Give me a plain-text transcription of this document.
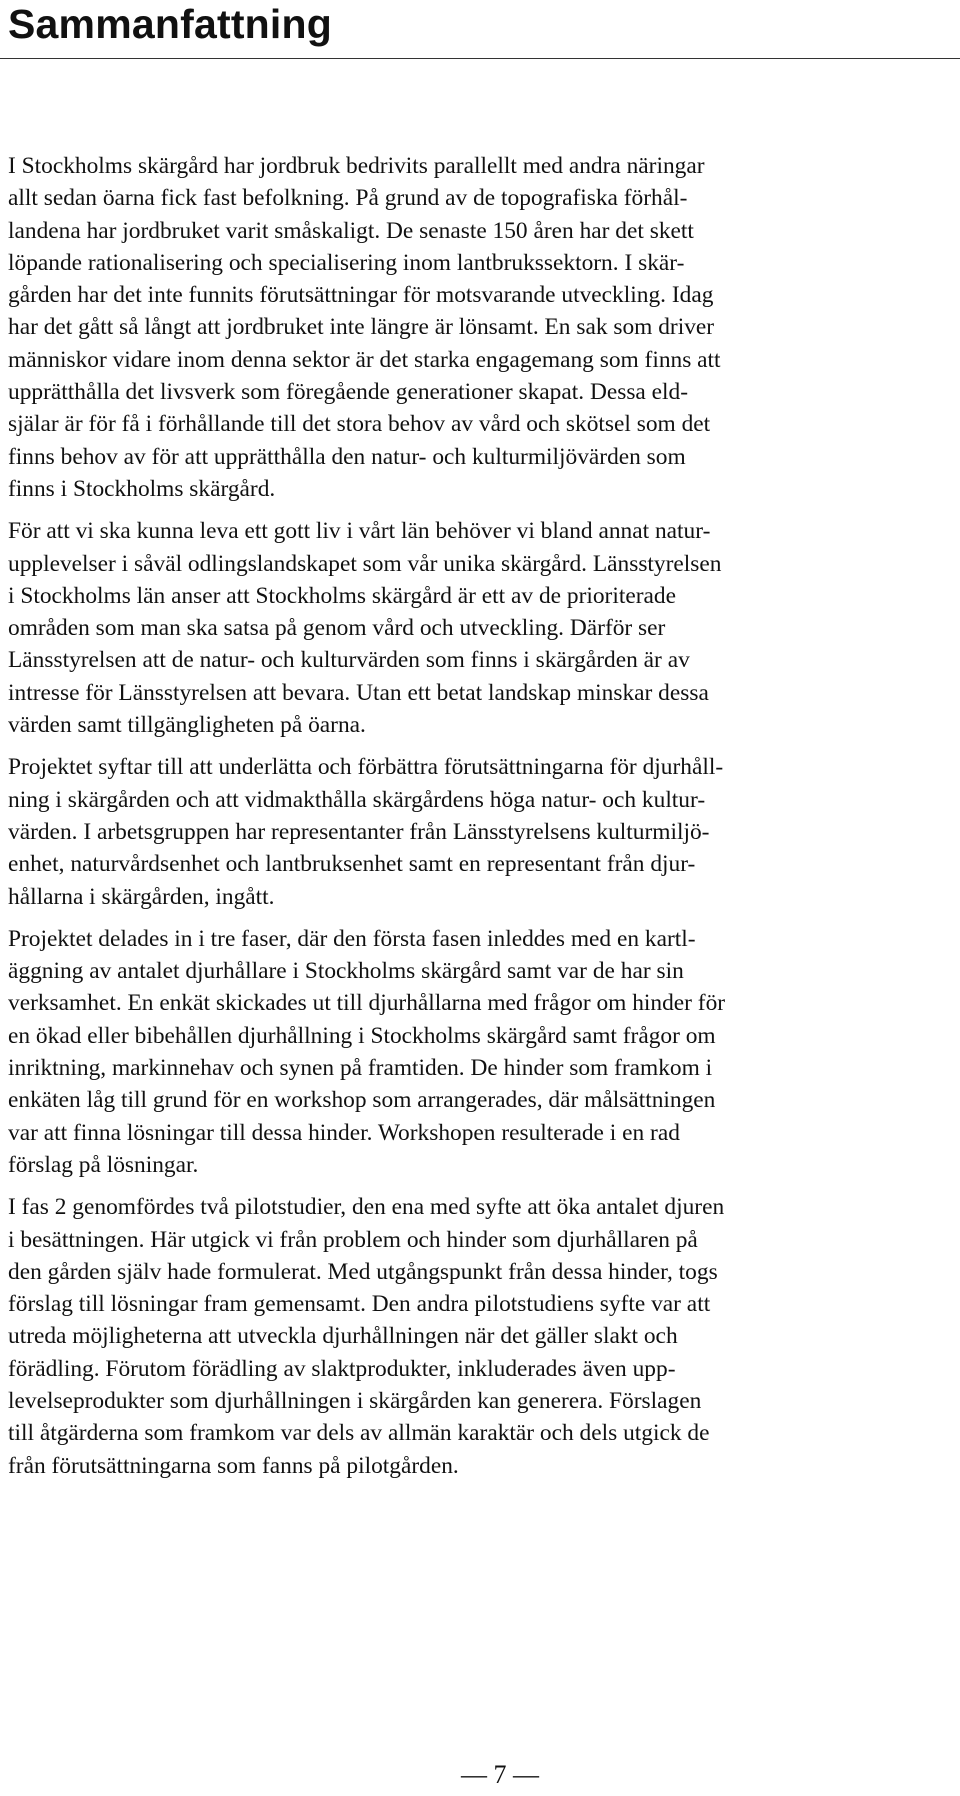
Sammanfattning

I Stockholms skärgård har jordbruk bedrivits parallellt med andra näringar
allt sedan öarna fick fast befolkning. På grund av de topografiska förhål-
landena har jordbruket varit småskaligt. De senaste 150 åren har det skett
löpande rationalisering och specialisering inom lantbrukssektorn. I skär-
gården har det inte funnits förutsättningar för motsvarande utveckling. Idag
har det gått så långt att jordbruket inte längre är lönsamt. En sak som driver
människor vidare inom denna sektor är det starka engagemang som finns att
upprätthålla det livsverk som föregående generationer skapat. Dessa eld-
själar är för få i förhållande till det stora behov av vård och skötsel som det
finns behov av för att upprätthålla den natur- och kulturmiljövärden som
finns i Stockholms skärgård.

För att vi ska kunna leva ett gott liv i vårt län behöver vi bland annat natur-
upplevelser i såväl odlingslandskapet som vår unika skärgård. Länsstyrelsen
i Stockholms län anser att Stockholms skärgård är ett av de prioriterade
områden som man ska satsa på genom vård och utveckling. Därför ser
Länsstyrelsen att de natur- och kulturvärden som finns i skärgården är av
intresse för Länsstyrelsen att bevara. Utan ett betat landskap minskar dessa
värden samt tillgängligheten på öarna.

Projektet syftar till att underlätta och förbättra förutsättningarna för djurhåll-
ning i skärgården och att vidmakthålla skärgårdens höga natur- och kultur-
värden. I arbetsgruppen har representanter från Länsstyrelsens kulturmiljö-
enhet, naturvårdsenhet och lantbruksenhet samt en representant från djur-
hållarna i skärgården, ingått.

Projektet delades in i tre faser, där den första fasen inleddes med en kartl-
äggning av antalet djurhållare i Stockholms skärgård samt var de har sin
verksamhet. En enkät skickades ut till djurhållarna med frågor om hinder för
en ökad eller bibehållen djurhållning i Stockholms skärgård samt frågor om
inriktning, markinnehav och synen på framtiden. De hinder som framkom i
enkäten låg till grund för en workshop som arrangerades, där målsättningen
var att finna lösningar till dessa hinder. Workshopen resulterade i en rad
förslag på lösningar.

I fas 2 genomfördes två pilotstudier, den ena med syfte att öka antalet djuren
i besättningen. Här utgick vi från problem och hinder som djurhållaren på
den gården själv hade formulerat. Med utgångspunkt från dessa hinder, togs
förslag till lösningar fram gemensamt. Den andra pilotstudiens syfte var att
utreda möjligheterna att utveckla djurhållningen när det gäller slakt och
förädling. Förutom förädling av slaktprodukter, inkluderades även upp-
levelseprodukter som djurhållningen i skärgården kan generera. Förslagen
till åtgärderna som framkom var dels av allmän karaktär och dels utgick de
från förutsättningarna som fanns på pilotgården.

— 7 —
